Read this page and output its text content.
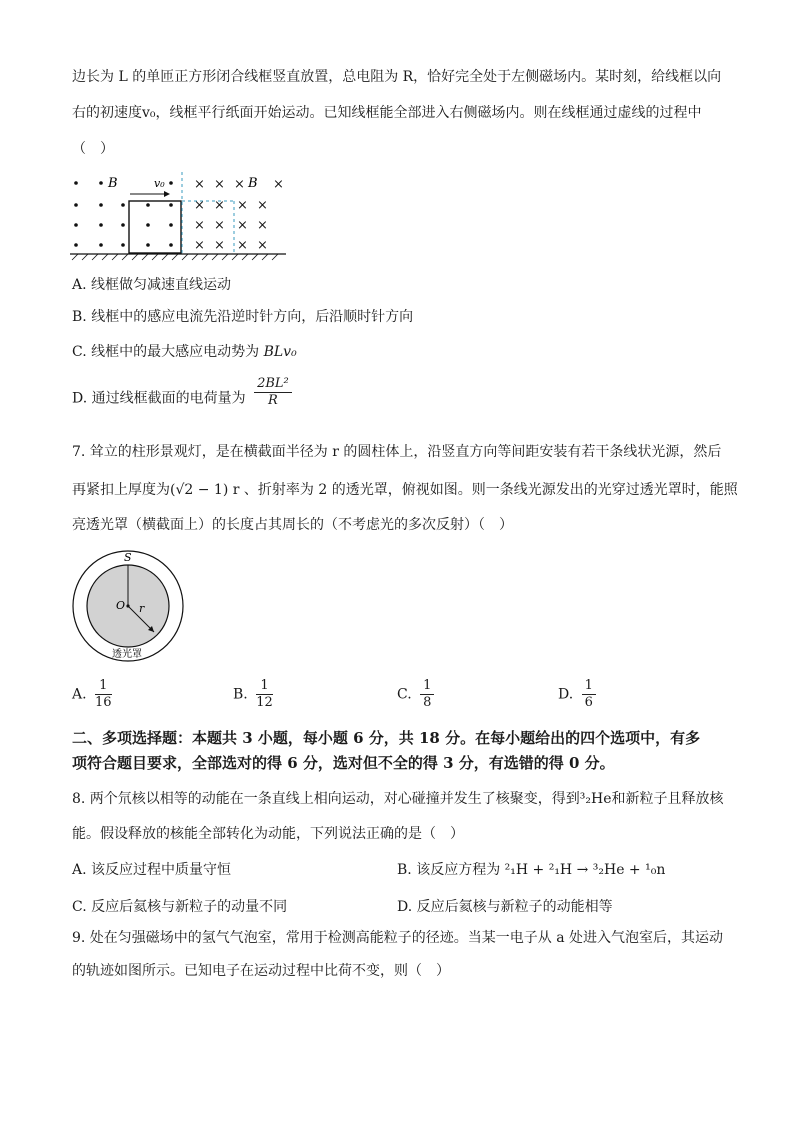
边长为 L 的单匝正方形闭合线框竖直放置，总电阻为 R，恰好完全处于左侧磁场内。某时刻，给线框以向
右的初速度v₀，线框平行纸面开始运动。已知线框能全部进入右侧磁场内。则在线框通过虚线的过程中
（　）
B	v₀ × × × ×
× × × ×
× × × ×
× × × ×
B
A. 线框做匀减速直线运动
B. 线框中的感应电流先沿逆时针方向，后沿顺时针方向
C. 线框中的最大感应电动势为 BLv₀
D. 通过线框截面的电荷量为 $\frac{\text{2BL²}}{R}$
7. 耸立的柱形景观灯，是在横截面半径为 r 的圆柱体上，沿竖直方向等间距安装有若干条线状光源，然后
再紧扣上厚度为(√2 − 1) r 、折射率为 2 的透光罩，俯视如图。则一条线光源发出的光穿过透光罩时，能照
亮透光罩（横截面上）的长度占其周长的（不考虑光的多次反射）（　）
S
O r
透光罩
A. $\frac{1}{16}$	B. $\frac{1}{12}$	C. $\frac{1}{8}$	D. $\frac{1}{6}$
二、多项选择题：本题共 3 小题，每小题 6 分，共 18 分。在每小题给出的四个选项中，有多
项符合题目要求，全部选对的得 6 分，选对但不全的得 3 分，有选错的得 0 分。
8. 两个氘核以相等的动能在一条直线上相向运动，对心碰撞并发生了核聚变，得到³₂He和新粒子且释放核
能。假设释放的核能全部转化为动能，下列说法正确的是（　）
A. 该反应过程中质量守恒	B. 该反应方程为 ²₁H + ²₁H → ³₂He + ¹₀n
C. 反应后氦核与新粒子的动量不同	D. 反应后氦核与新粒子的动能相等
9. 处在匀强磁场中的氢气气泡室，常用于检测高能粒子的径迹。当某一电子从 a 处进入气泡室后，其运动
的轨迹如图所示。已知电子在运动过程中比荷不变，则（　）
